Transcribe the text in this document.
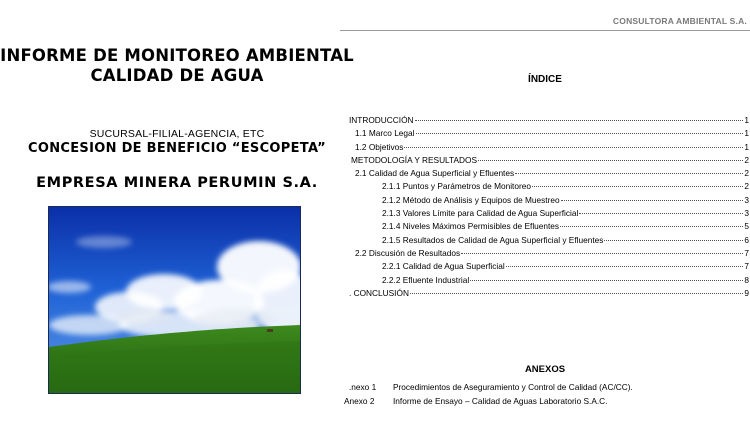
INFORME DE MONITOREO AMBIENTAL
CALIDAD DE AGUA
SUCURSAL-FILIAL-AGENCIA, ETC
CONCESION DE BENEFICIO “ESCOPETA”
EMPRESA MINERA PERUMIN S.A.
CONSULTORA AMBIENTAL S.A.
ÍNDICE
INTRODUCCIÓN	1
1.1 Marco Legal	1
1.2 Objetivos	1
METODOLOGÍA Y RESULTADOS	2
2.1 Calidad de Agua Superficial y Efluentes	2
2.1.1 Puntos y Parámetros de Monitoreo	2
2.1.2 Método de Análisis y Equipos de Muestreo	3
2.1.3 Valores Límite para Calidad de Agua Superficial	3
2.1.4 Niveles Máximos Permisibles de Efluentes	5
2.1.5 Resultados de Calidad de Agua Superficial y Efluentes	6
2.2 Discusión de Resultados	7
2.2.1 Calidad de Agua Superficial	7
2.2.2 Efluente Industrial	8
. CONCLUSIÓN	9
ANEXOS
.nexo 1 Procedimientos de Aseguramiento y Control de Calidad (AC/CC).
Anexo 2 Informe de Ensayo – Calidad de Aguas Laboratorio S.A.C.
